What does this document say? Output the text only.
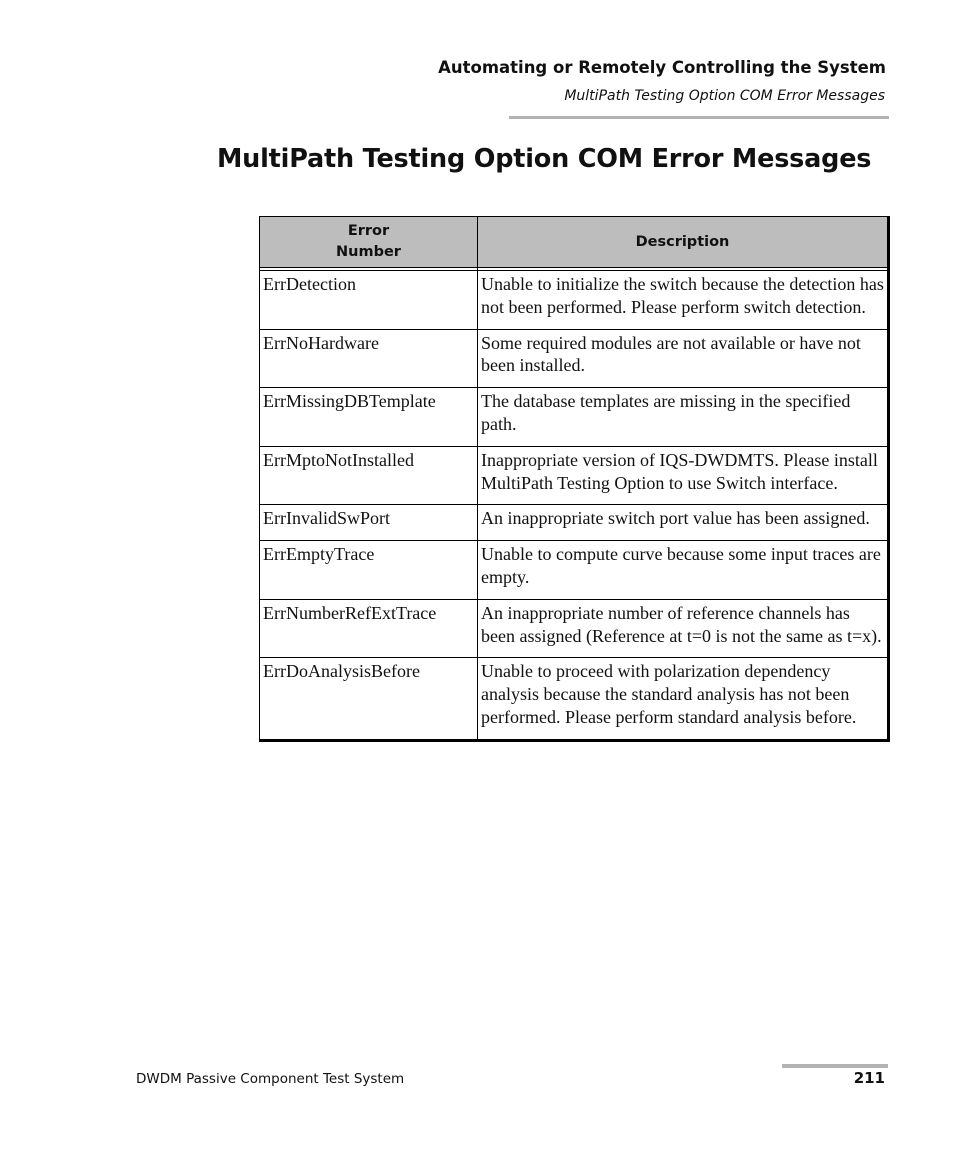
Automating or Remotely Controlling the System
MultiPath Testing Option COM Error Messages
MultiPath Testing Option COM Error Messages
Error
Number	Description

ErrDetection	Unable to initialize the switch because the detection has not been performed. Please perform switch detection.
ErrNoHardware	Some required modules are not available or have not been installed.
ErrMissingDBTemplate	The database templates are missing in the specified path.
ErrMptoNotInstalled	Inappropriate version of IQS-DWDMTS. Please install MultiPath Testing Option to use Switch interface.
ErrInvalidSwPort	An inappropriate switch port value has been assigned.
ErrEmptyTrace	Unable to compute curve because some input traces are empty.
ErrNumberRefExtTrace	An inappropriate number of reference channels has been assigned (Reference at t=0 is not the same as t=x).
ErrDoAnalysisBefore	Unable to proceed with polarization dependency analysis because the standard analysis has not been performed. Please perform standard analysis before.
DWDM Passive Component Test System	211
